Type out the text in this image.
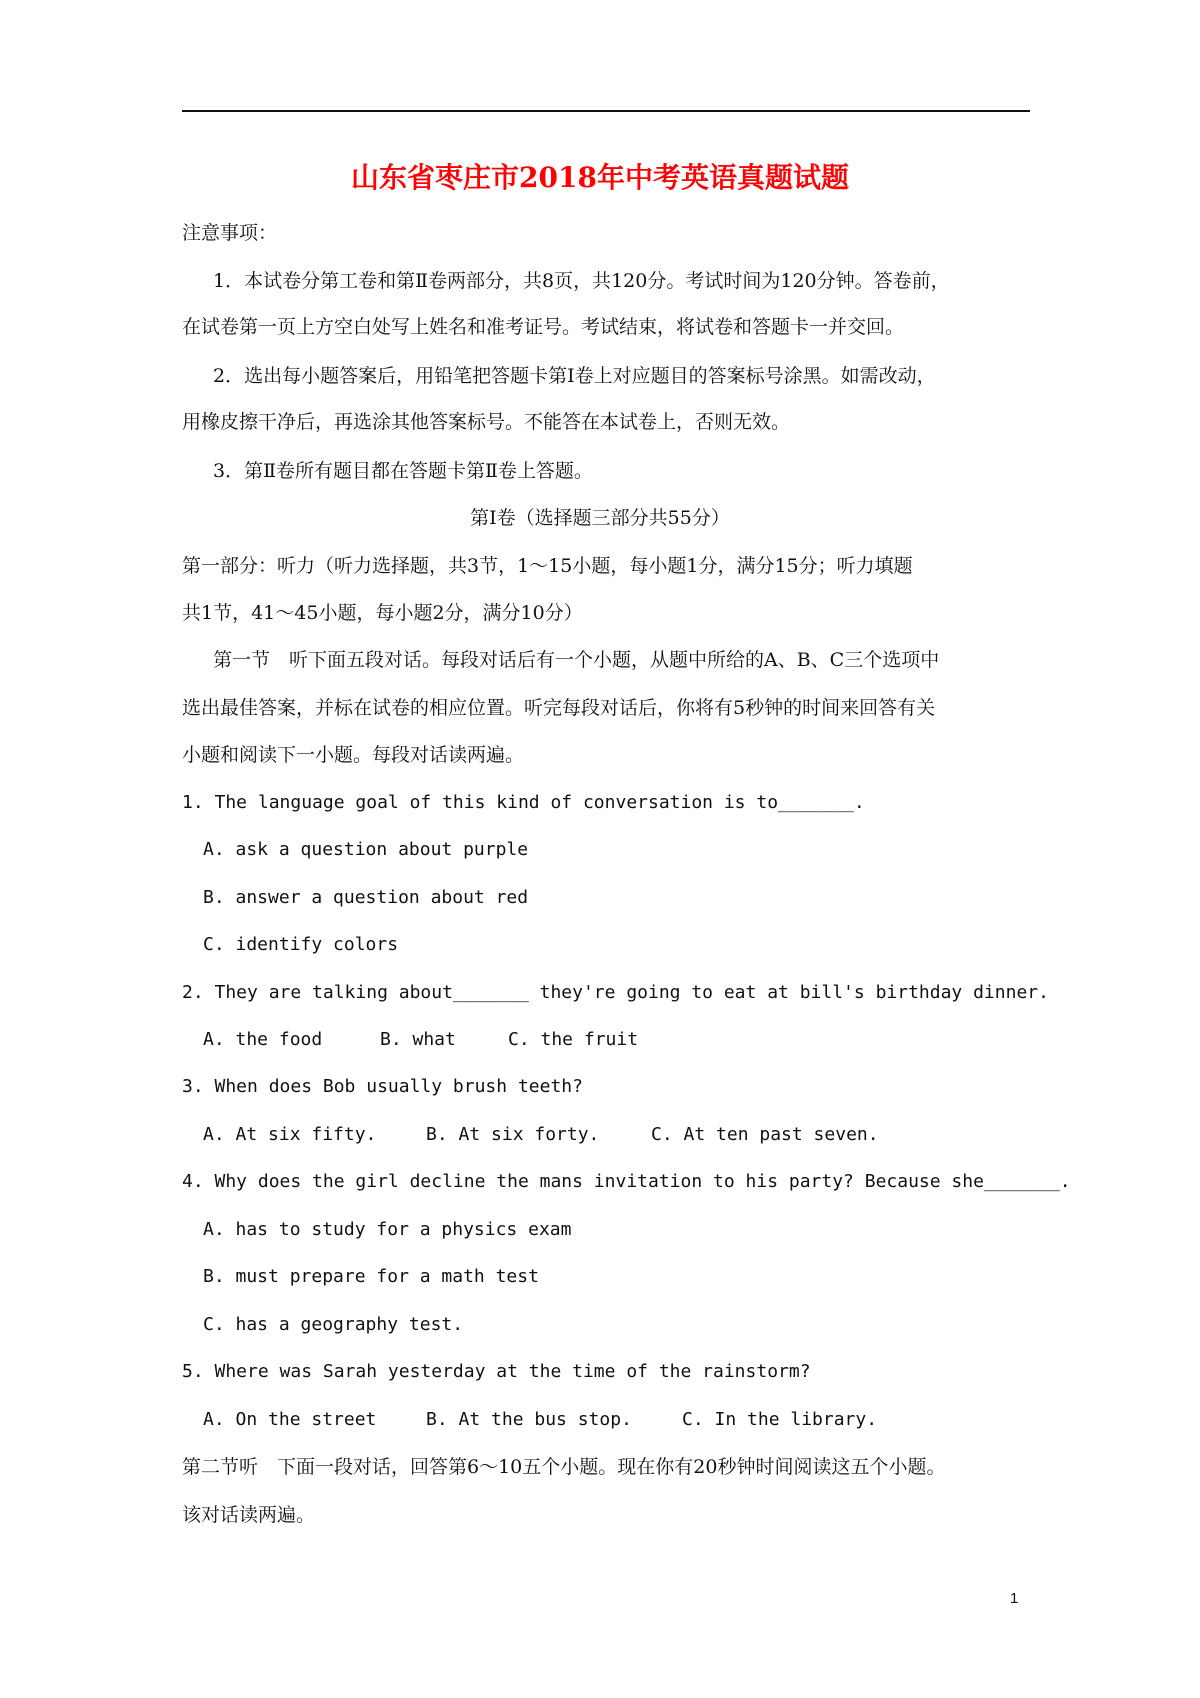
山东省枣庄市2018年中考英语真题试题
注意事项：
1．本试卷分第工卷和第Ⅱ卷两部分，共8页，共120分。考试时间为120分钟。答卷前，
在试卷第一页上方空白处写上姓名和准考证号。考试结束，将试卷和答题卡一并交回。
2．选出每小题答案后，用铅笔把答题卡第Ⅰ卷上对应题目的答案标号涂黑。如需改动，
用橡皮擦干净后，再选涂其他答案标号。不能答在本试卷上，否则无效。
3．第Ⅱ卷所有题目都在答题卡第Ⅱ卷上答题。
第Ⅰ卷（选择题三部分共55分）
第一部分：听力（听力选择题，共3节，1～15小题，每小题1分，满分15分；听力填题
共1节，41～45小题，每小题2分，满分10分）
第一节　听下面五段对话。每段对话后有一个小题，从题中所给的A、B、C三个选项中
选出最佳答案，并标在试卷的相应位置。听完每段对话后，你将有5秒钟的时间来回答有关
小题和阅读下一小题。每段对话读两遍。
1. The language goal of this kind of conversation is to_______.
A. ask a question about purple
B. answer a question about red
C. identify colors
2. They are talking about_______ they're going to eat at bill's birthday dinner.
A. the food	B. what	C. the fruit
3. When does Bob usually brush teeth?
A. At six fifty.	B. At six forty.	C. At ten past seven.
4. Why does the girl decline the mans invitation to his party? Because she_______.
A. has to study for a physics exam
B. must prepare for a math test
C. has a geography test.
5. Where was Sarah yesterday at the time of the rainstorm?
A. On the street	B. At the bus stop.	C. In the library.
第二节听　下面一段对话，回答第6～10五个小题。现在你有20秒钟时间阅读这五个小题。
该对话读两遍。
1
